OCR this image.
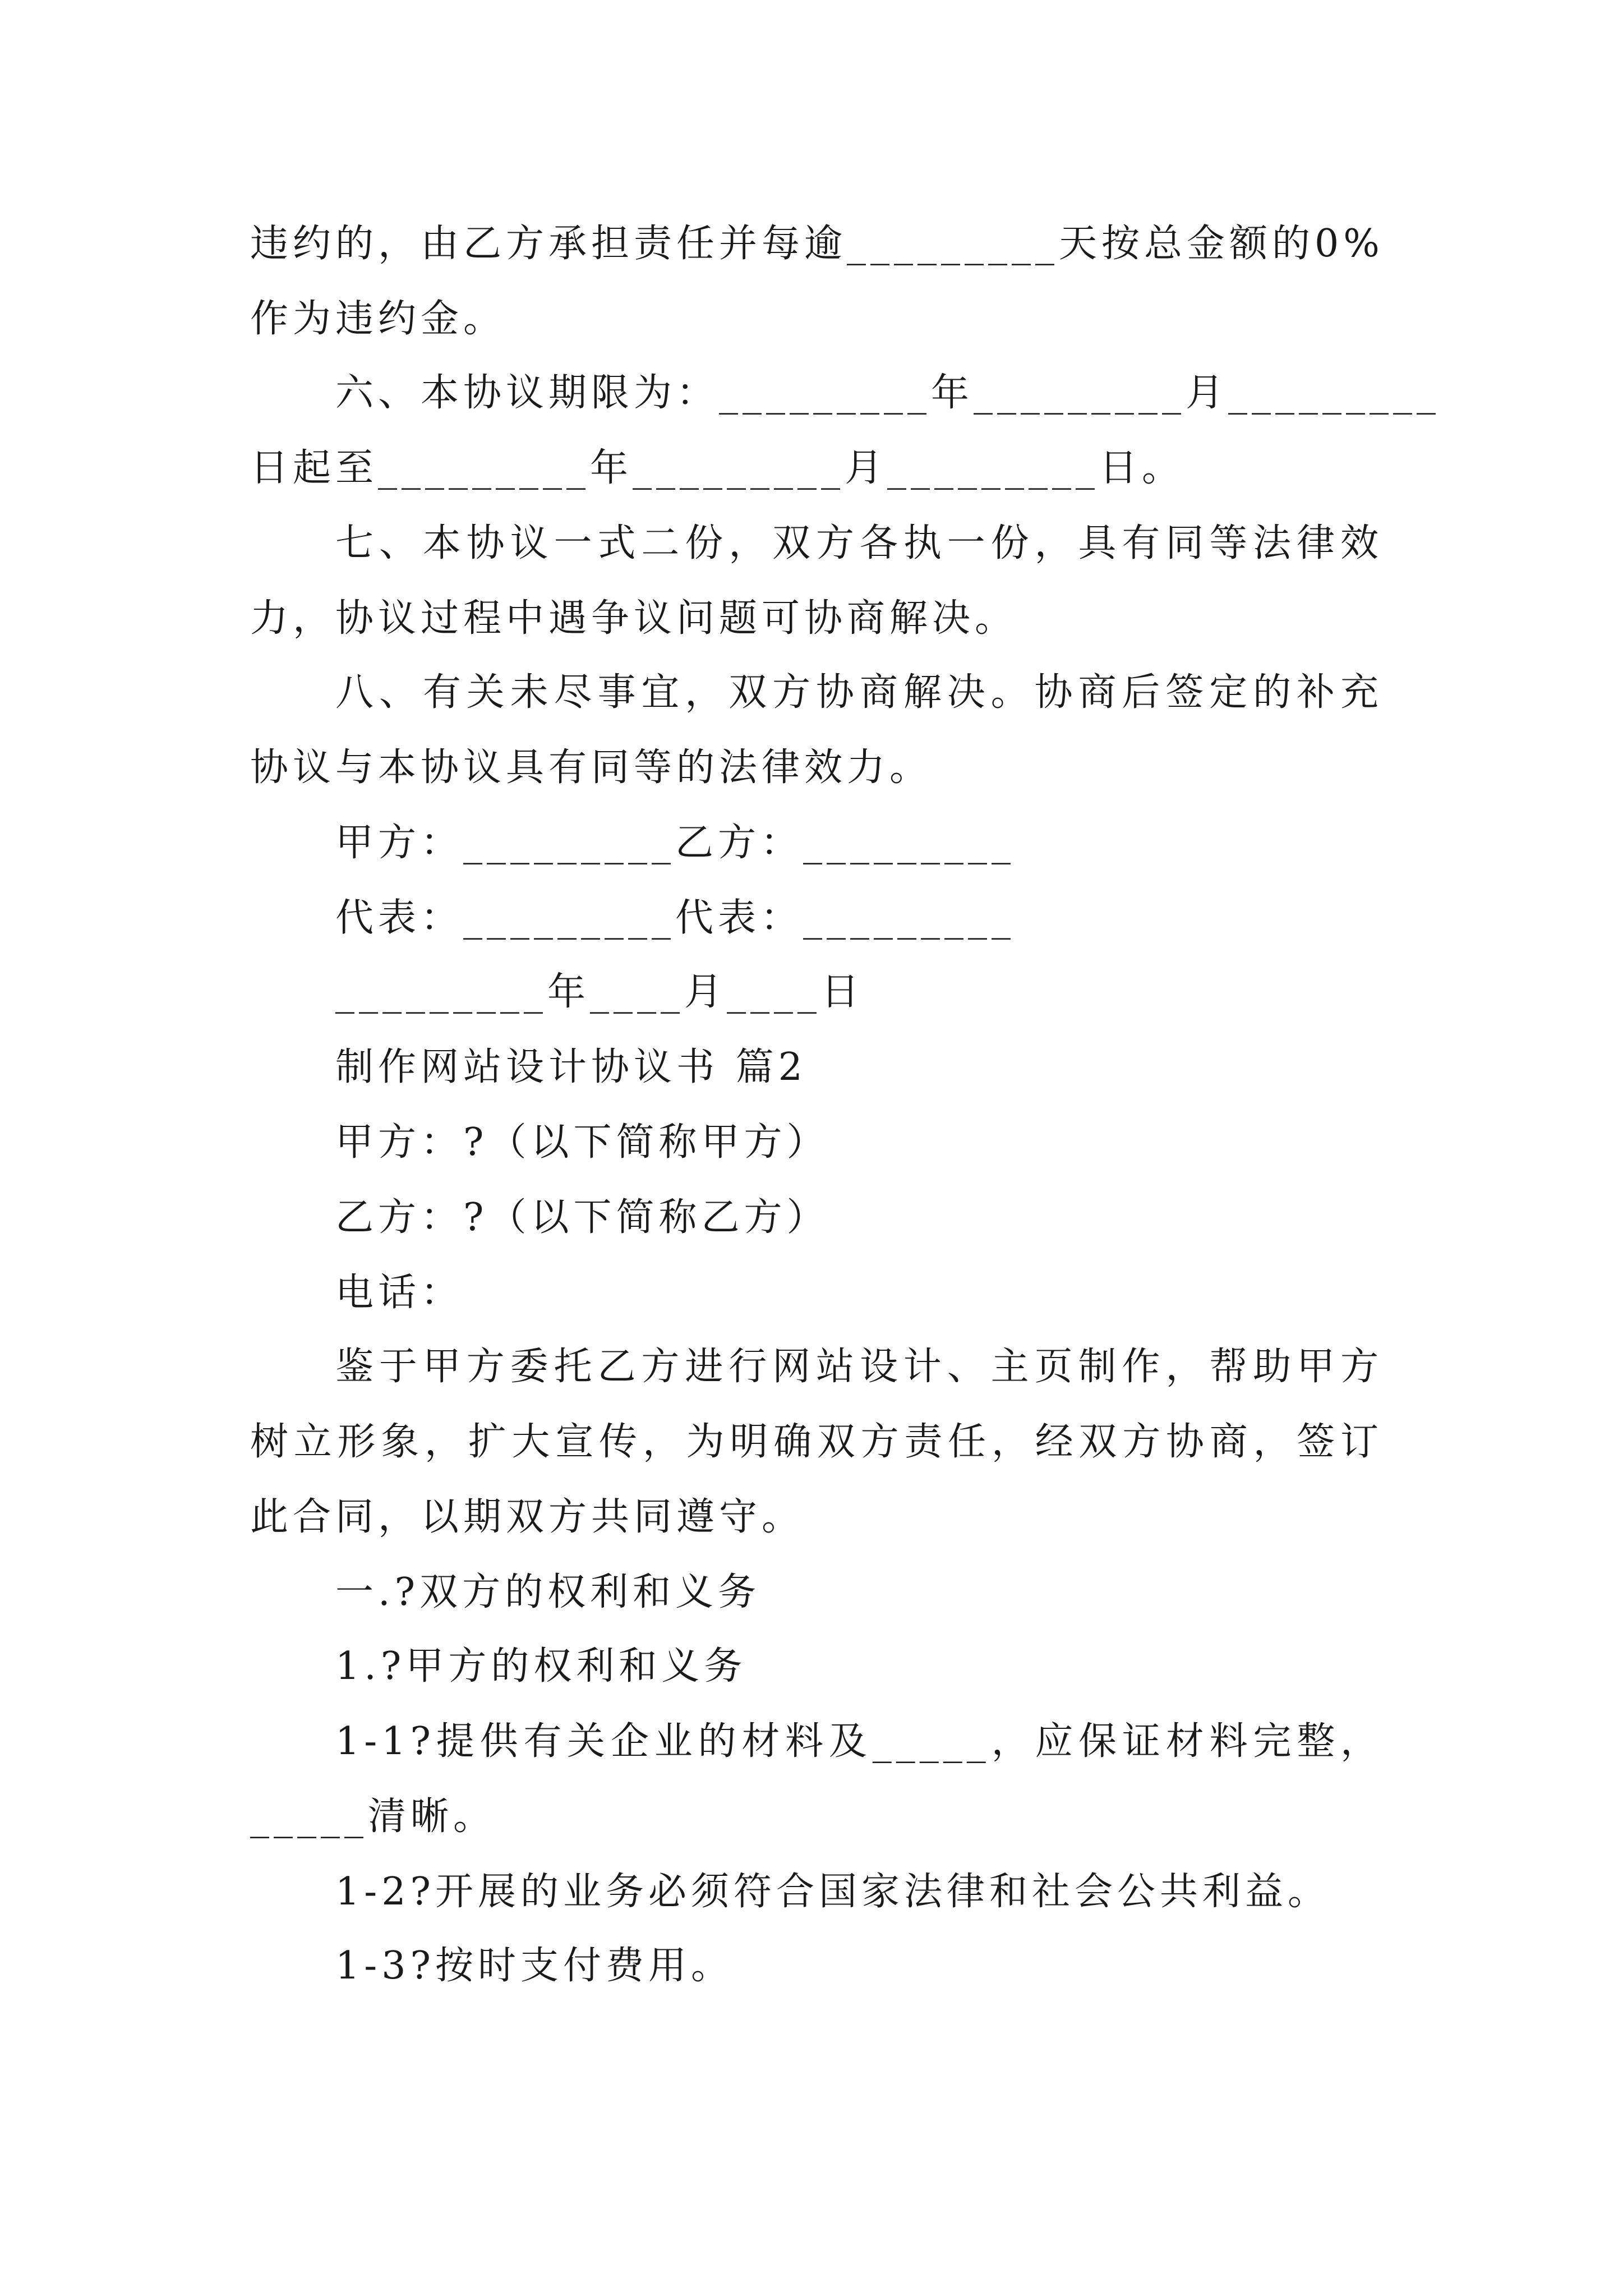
违约的，由乙方承担责任并每逾_________天按总金额的0%
作为违约金。
六、本协议期限为：_________年_________月_________
日起至_________年_________月_________日。
七、本协议一式二份，双方各执一份，具有同等法律效
力，协议过程中遇争议问题可协商解决。
八、有关未尽事宜，双方协商解决。协商后签定的补充
协议与本协议具有同等的法律效力。
甲方：_________乙方：_________
代表：_________代表：_________
_________年____月____日
制作网站设计协议书 篇2
甲方：?（以下简称甲方）
乙方：?（以下简称乙方）
电话：
鉴于甲方委托乙方进行网站设计、主页制作，帮助甲方
树立形象，扩大宣传，为明确双方责任，经双方协商，签订
此合同，以期双方共同遵守。
一.?双方的权利和义务
1.?甲方的权利和义务
1-1?提供有关企业的材料及_____，应保证材料完整，
_____清晰。
1-2?开展的业务必须符合国家法律和社会公共利益。
1-3?按时支付费用。
